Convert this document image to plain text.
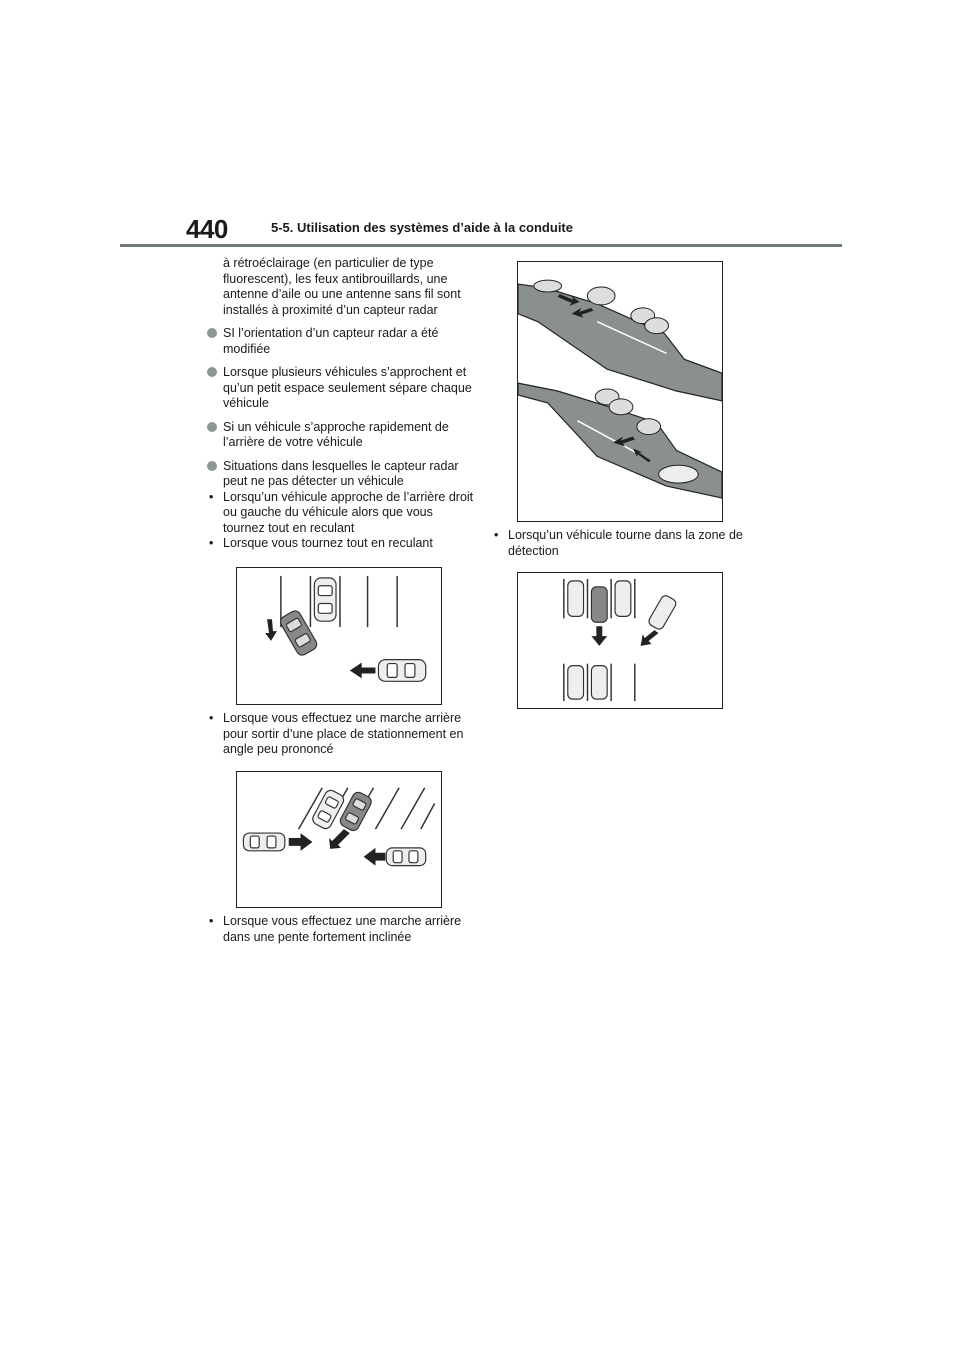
440	5-5. Utilisation des systèmes d’aide à la conduite

à rétroéclairage (en particulier de type fluorescent), les feux antibrouillards, une antenne d’aile ou une antenne sans fil sont installés à proximité d’un capteur radar

SI l’orientation d’un capteur radar a été modifiée
Lorsque plusieurs véhicules s’approchent et qu’un petit espace seulement sépare chaque véhicule
Si un véhicule s’approche rapidement de l’arrière de votre véhicule
Situations dans lesquelles le capteur radar peut ne pas détecter un véhicule
• Lorsqu’un véhicule approche de l’arrière droit ou gauche du véhicule alors que vous tournez tout en reculant
• Lorsque vous tournez tout en reculant
• Lorsque vous effectuez une marche arrière pour sortir d’une place de stationnement en angle peu prononcé
• Lorsque vous effectuez une marche arrière dans une pente fortement inclinée
• Lorsqu’un véhicule tourne dans la zone de détection
